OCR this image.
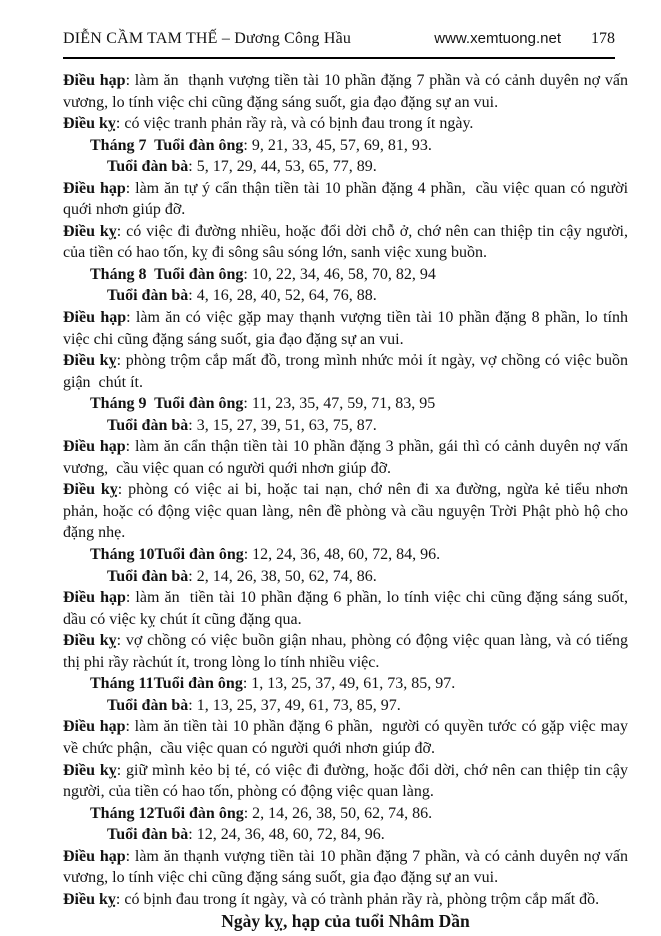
DIỄN CẦM TAM THẾ – Dương Công Hầu	www.xemtuong.net 178

Điều hạp: làm ăn  thạnh vượng tiền tài 10 phần đặng 7 phần và có cảnh duyên nợ vấn vương, lo tính việc chi cũng đặng sáng suốt, gia đạo đặng sự an vui.

Điều kỵ: có việc tranh phản rầy rà, và có bịnh đau trong ít ngày.

Tháng 7  Tuổi đàn ông: 9, 21, 33, 45, 57, 69, 81, 93.

Tuổi đàn bà: 5, 17, 29, 44, 53, 65, 77, 89.

Điều hạp: làm ăn tự ý cẩn thận tiền tài 10 phần đặng 4 phần,  cầu việc quan có người quới nhơn giúp đỡ.

Điều kỵ: có việc đi đường nhiều, hoặc đổi dời chỗ ở, chớ nên can thiệp tin cậy người, của tiền có hao tốn, kỵ đi sông sâu sóng lớn, sanh việc xung buồn.

Tháng 8  Tuổi đàn ông: 10, 22, 34, 46, 58, 70, 82, 94

Tuổi đàn bà: 4, 16, 28, 40, 52, 64, 76, 88.

Điều hạp: làm ăn có việc gặp may thạnh vượng tiền tài 10 phần đặng 8 phần, lo tính việc chi cũng đặng sáng suốt, gia đạo đặng sự an vui.

Điều kỵ: phòng trộm cắp mất đồ, trong mình nhức mỏi ít ngày, vợ chồng có việc buồn giận  chút ít.

Tháng 9  Tuổi đàn ông: 11, 23, 35, 47, 59, 71, 83, 95

Tuổi đàn bà: 3, 15, 27, 39, 51, 63, 75, 87.

Điều hạp: làm ăn cẩn thận tiền tài 10 phần đặng 3 phần, gái thì có cảnh duyên nợ vấn vương,  cầu việc quan có người quới nhơn giúp đỡ.

Điều kỵ: phòng có việc ai bi, hoặc tai nạn, chớ nên đi xa đường, ngừa kẻ tiểu nhơn phản, hoặc có động việc quan làng, nên đề phòng và cầu nguyện Trời Phật phò hộ cho đặng nhẹ.

Tháng 10Tuổi đàn ông: 12, 24, 36, 48, 60, 72, 84, 96.

Tuổi đàn bà: 2, 14, 26, 38, 50, 62, 74, 86.

Điều hạp: làm ăn  tiền tài 10 phần đặng 6 phần, lo tính việc chi cũng đặng sáng suốt, dầu có việc kỵ chút ít cũng đặng qua.

Điều kỵ: vợ chồng có việc buồn giận nhau, phòng có động việc quan làng, và có tiếng thị phi rầy ràchút ít, trong lòng lo tính nhiều việc.

Tháng 11Tuổi đàn ông: 1, 13, 25, 37, 49, 61, 73, 85, 97.

Tuổi đàn bà: 1, 13, 25, 37, 49, 61, 73, 85, 97.

Điều hạp: làm ăn tiền tài 10 phần đặng 6 phần,  người có quyền tước có gặp việc may về chức phận,  cầu việc quan có người quới nhơn giúp đỡ.

Điều kỵ: giữ mình kẻo bị té, có việc đi đường, hoặc đổi dời, chớ nên can thiệp tin cậy người, của tiền có hao tốn, phòng có động việc quan làng.

Tháng 12Tuổi đàn ông: 2, 14, 26, 38, 50, 62, 74, 86.

Tuổi đàn bà: 12, 24, 36, 48, 60, 72, 84, 96.

Điều hạp: làm ăn thạnh vượng tiền tài 10 phần đặng 7 phần, và có cảnh duyên nợ vấn vương, lo tính việc chi cũng đặng sáng suốt, gia đạo đặng sự an vui.

Điều kỵ: có bịnh đau trong ít ngày, và có trành phản rầy rà, phòng trộm cắp mất đồ.

Ngày kỵ, hạp của tuổi Nhâm Dần
